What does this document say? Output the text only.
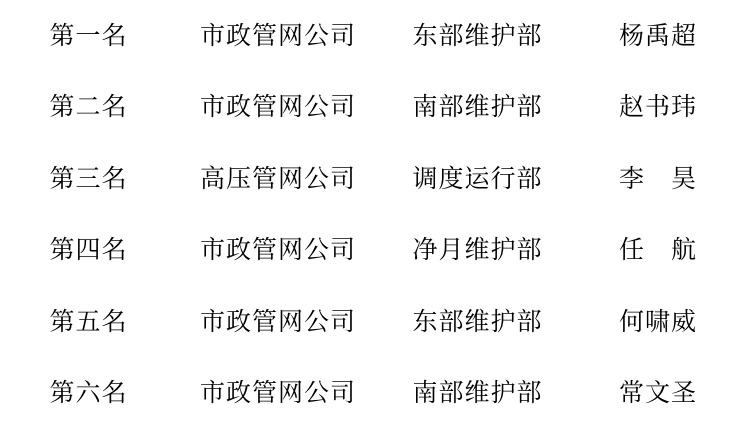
第一名	市政管网公司	东部维护部	杨禹超
第二名	市政管网公司	南部维护部	赵书玮
第三名	高压管网公司	调度运行部	李　昊
第四名	市政管网公司	净月维护部	任　航
第五名	市政管网公司	东部维护部	何啸威
第六名	市政管网公司	南部维护部	常文圣
